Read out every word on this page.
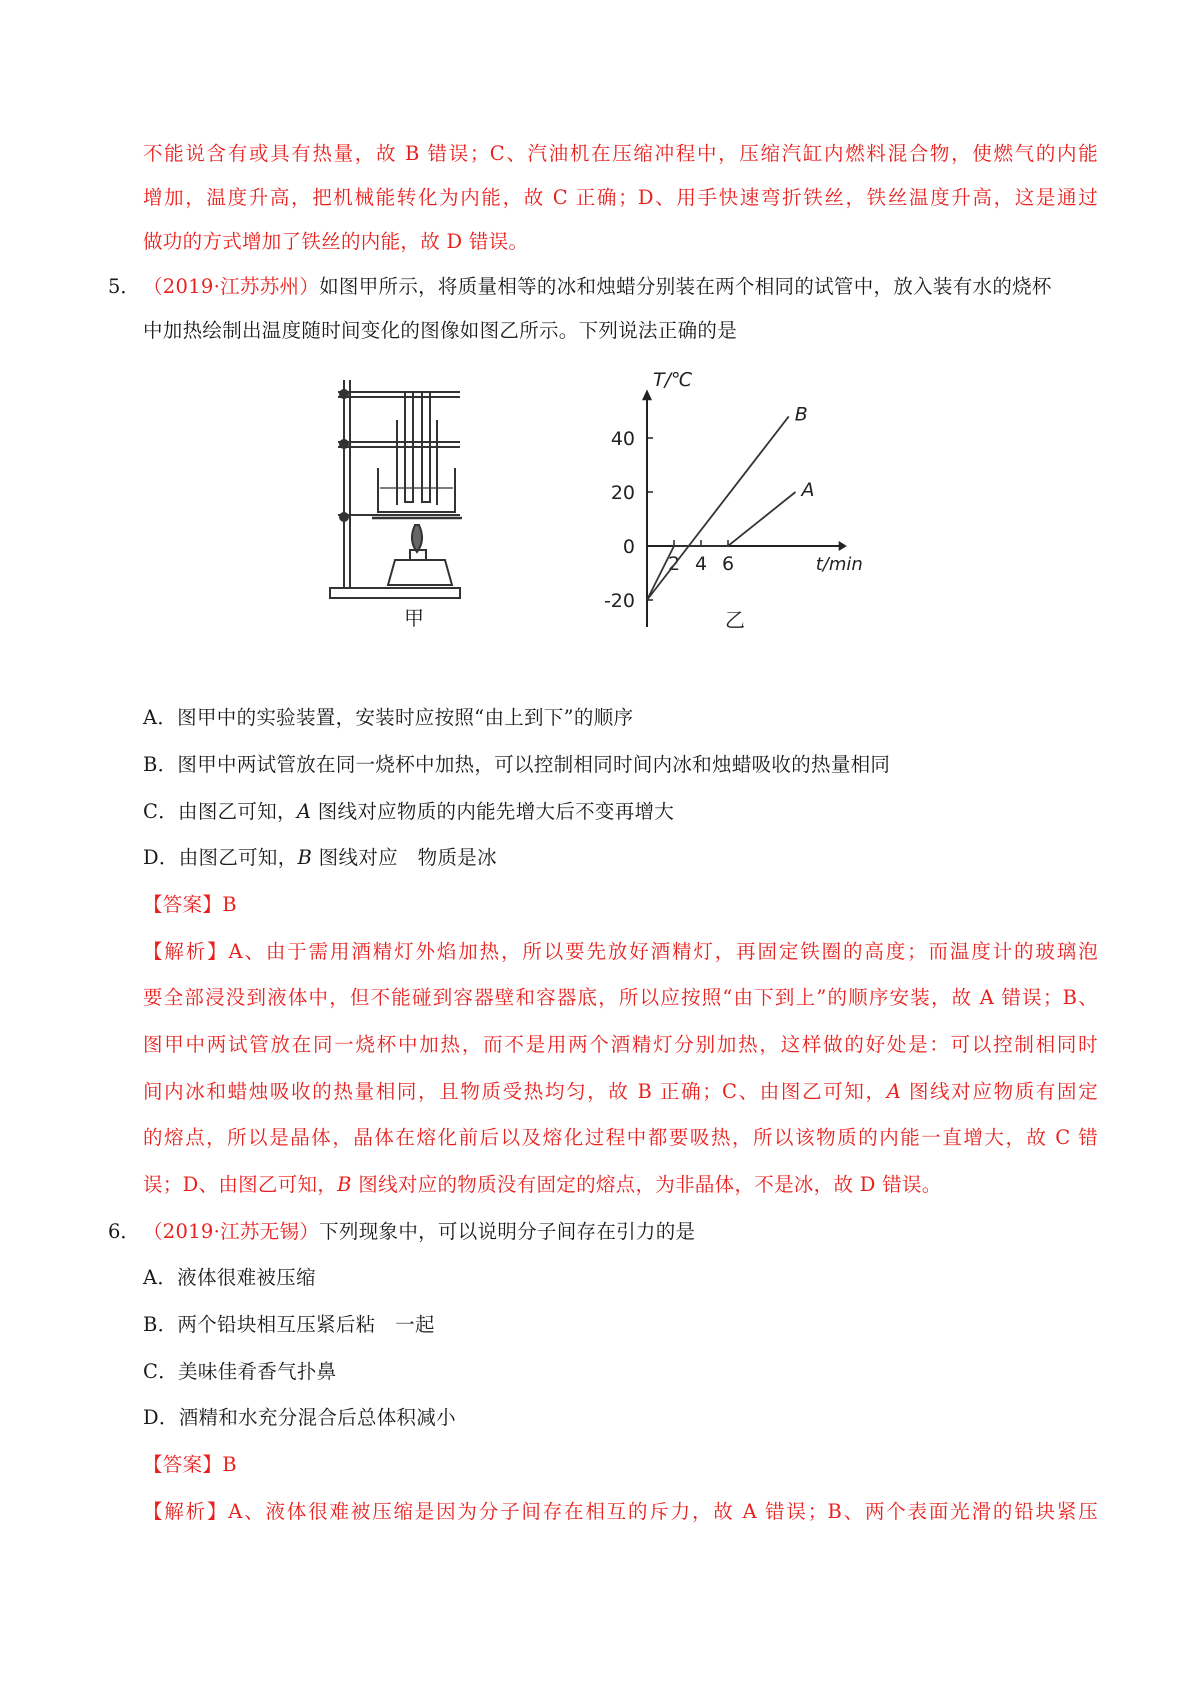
不能说含有或具有热量，故 B 错误；C、汽油机在压缩冲程中，压缩汽缸内燃料混合物，使燃气的内能
增加，温度升高，把机械能转化为内能，故 C 正确；D、用手快速弯折铁丝，铁丝温度升高，这是通过
做功的方式增加了铁丝的内能，故 D 错误。
5． （2019·江苏苏州）如图甲所示，将质量相等的冰和烛蜡分别装在两个相同的试管中，放入装有水的烧杯
中加热绘制出温度随时间变化的图像如图乙所示。下列说法正确的是
甲
T/℃
t/min
40
20
0
-20
2 4 6
A
B
乙
A．图甲中的实验装置，安装时应按照“由上到下”的顺序
B．图甲中两试管放在同一烧杯中加热，可以控制相同时间内冰和烛蜡吸收的热量相同
C．由图乙可知，A 图线对应物质的内能先增大后不变再增大
D．由图乙可知，B 图线对应　物质是冰
【答案】B
【解析】A、由于需用酒精灯外焰加热，所以要先放好酒精灯，再固定铁圈的高度；而温度计的玻璃泡
要全部浸没到液体中，但不能碰到容器壁和容器底，所以应按照“由下到上”的顺序安装，故 A 错误；B、
图甲中两试管放在同一烧杯中加热，而不是用两个酒精灯分别加热，这样做的好处是：可以控制相同时
间内冰和蜡烛吸收的热量相同，且物质受热均匀，故 B 正确；C、由图乙可知，A 图线对应物质有固定
的熔点，所以是晶体，晶体在熔化前后以及熔化过程中都要吸热，所以该物质的内能一直增大，故 C 错
误；D、由图乙可知，B 图线对应的物质没有固定的熔点，为非晶体，不是冰，故 D 错误。
6． （2019·江苏无锡）下列现象中，可以说明分子间存在引力的是
A．液体很难被压缩
B．两个铅块相互压紧后粘　一起
C．美味佳肴香气扑鼻
D．酒精和水充分混合后总体积减小
【答案】B
【解析】A、液体很难被压缩是因为分子间存在相互的斥力，故 A 错误；B、两个表面光滑的铅块紧压
